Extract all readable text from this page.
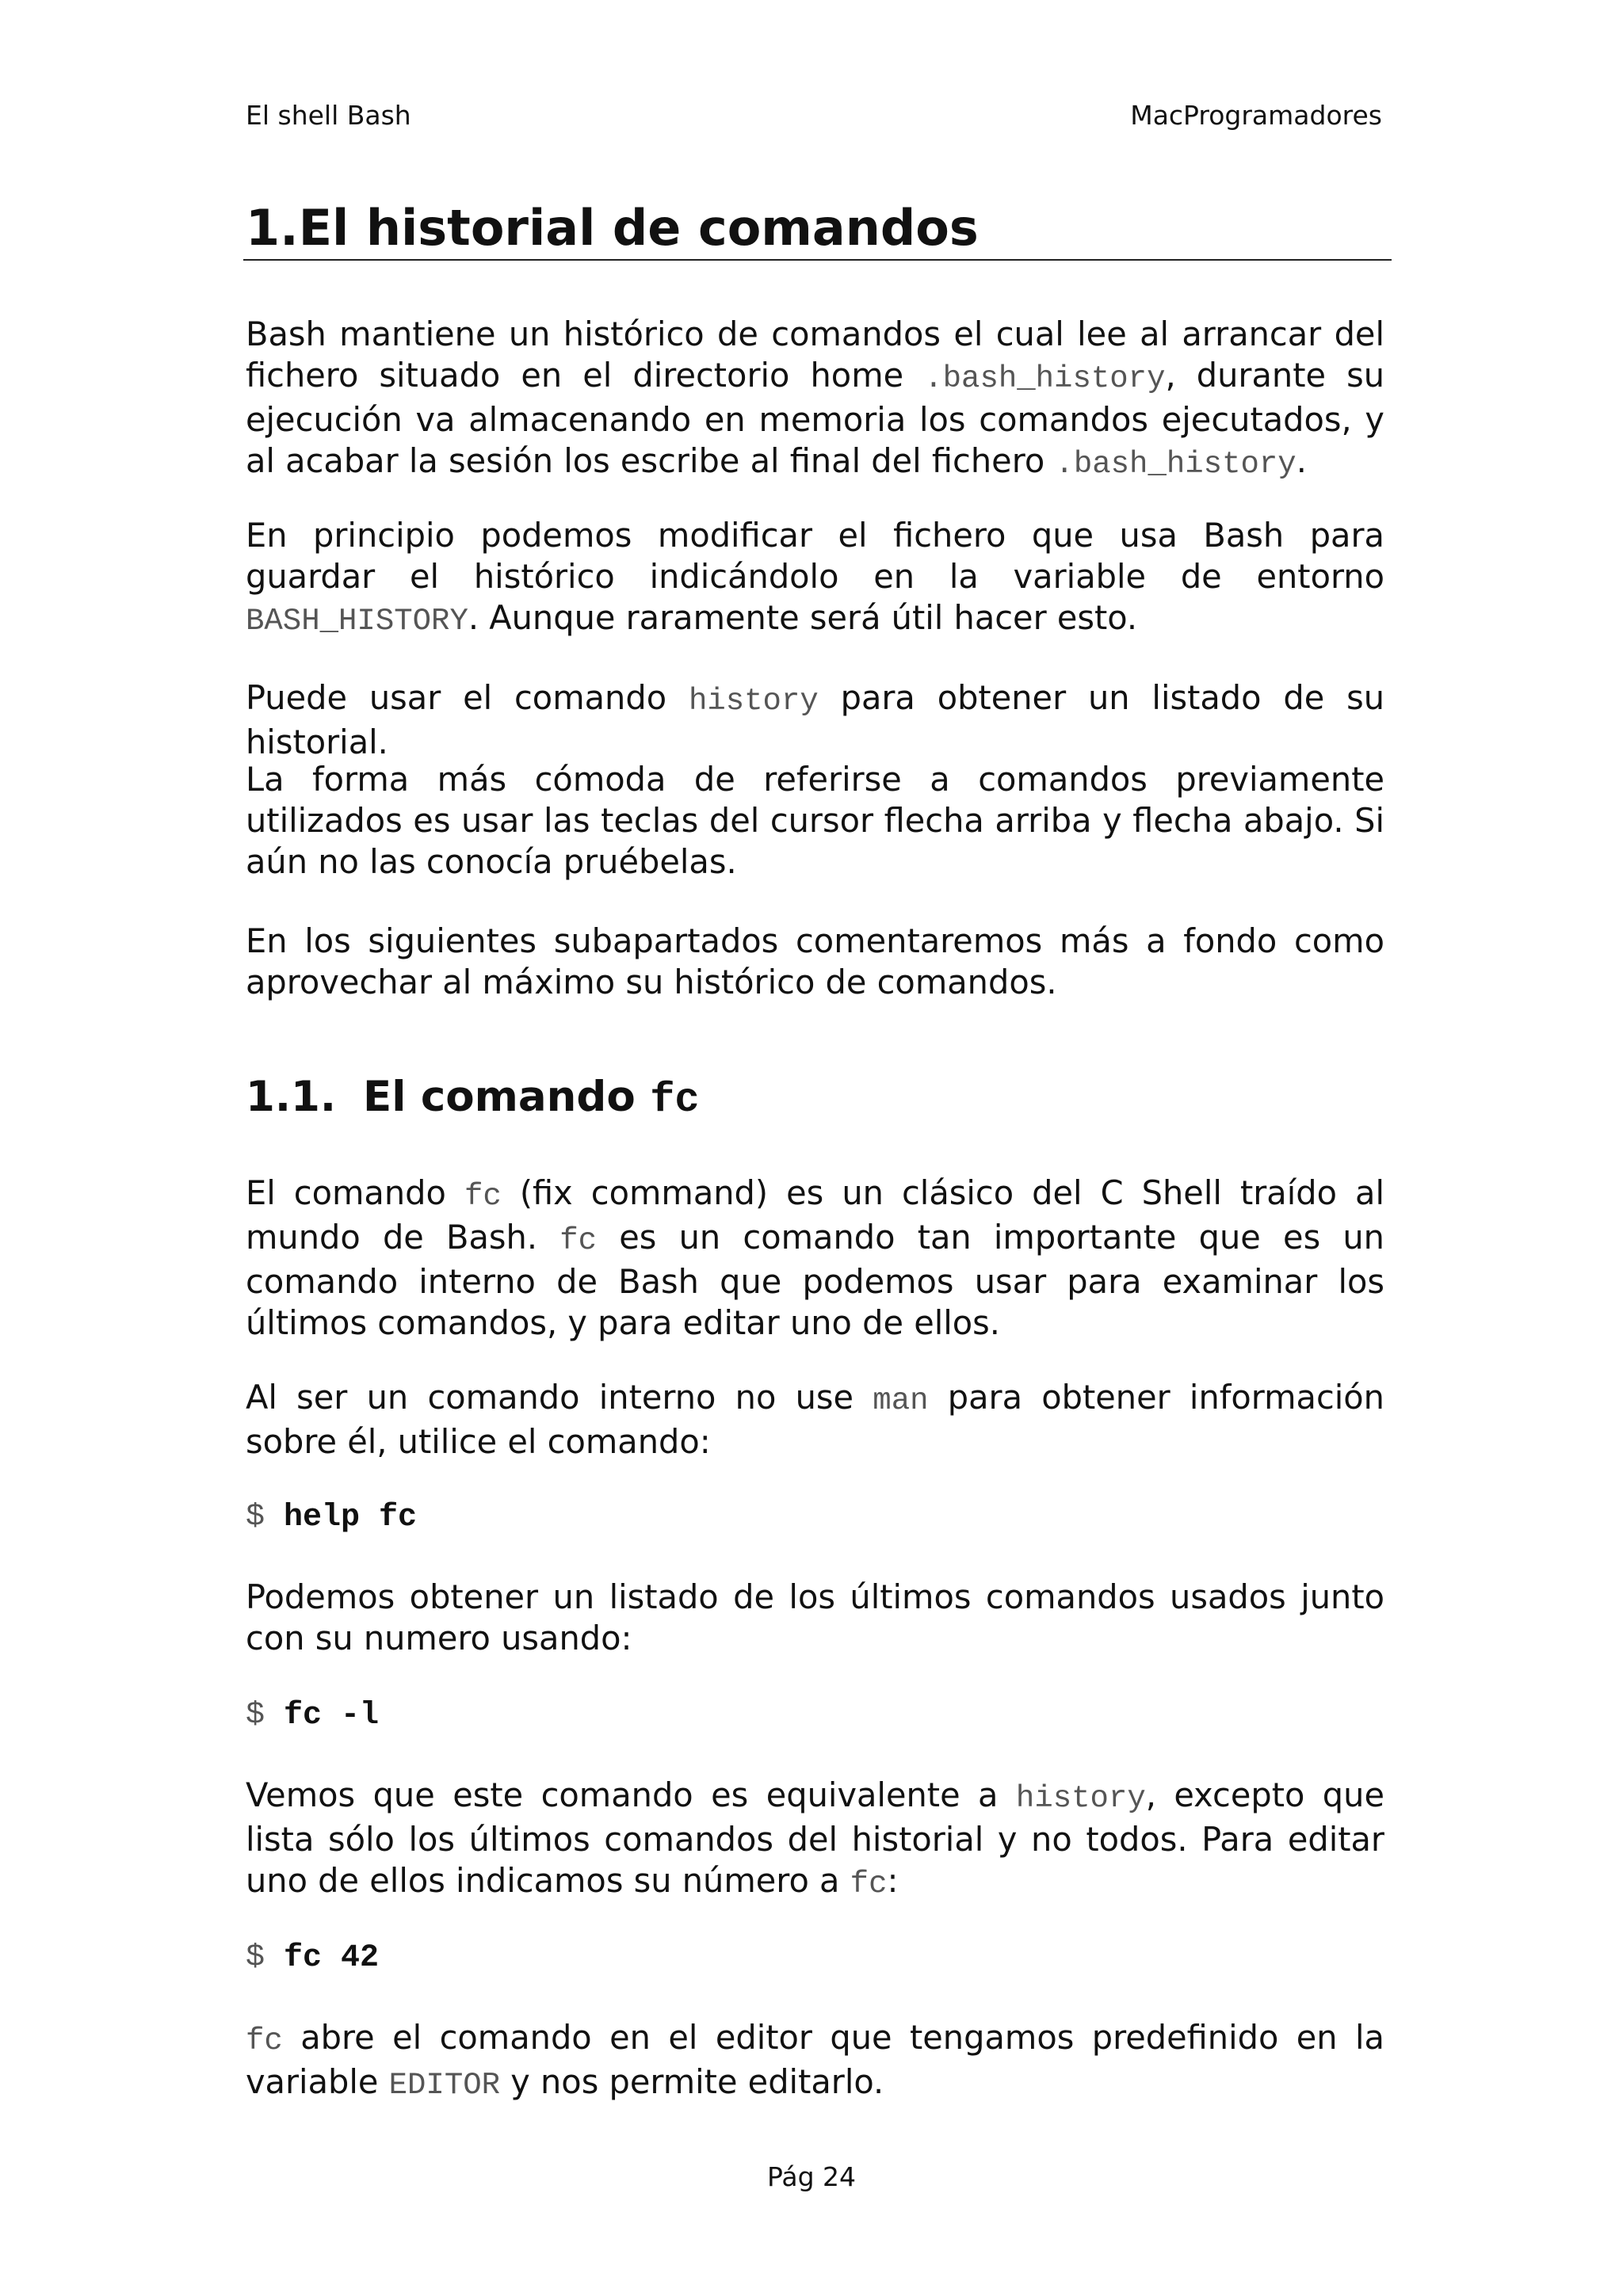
El shell Bash	MacProgramadores
1.El historial de comandos

Bash mantiene un histórico de comandos el cual lee al arrancar del fichero situado en el directorio home .bash_history, durante su ejecución va almacenando en memoria los comandos ejecutados, y al acabar la sesión los escribe al final del fichero .bash_history.

En principio podemos modificar el fichero que usa Bash para guardar el histórico indicándolo en la variable de entorno BASH_HISTORY. Aunque raramente será útil hacer esto.

Puede usar el comando history para obtener un listado de su historial.

La forma más cómoda de referirse a comandos previamente utilizados es usar las teclas del cursor flecha arriba y flecha abajo. Si aún no las conocía pruébelas.

En los siguientes subapartados comentaremos más a fondo como aprovechar al máximo su histórico de comandos.

1.1. El comando fc

El comando fc (fix command) es un clásico del C Shell traído al mundo de Bash. fc es un comando tan importante que es un comando interno de Bash que podemos usar para examinar los últimos comandos, y para editar uno de ellos.

Al ser un comando interno no use man para obtener información sobre él, utilice el comando:

$ help fc

Podemos obtener un listado de los últimos comandos usados junto con su numero usando:

$ fc -l

Vemos que este comando es equivalente a history, excepto que lista sólo los últimos comandos del historial y no todos. Para editar uno de ellos indicamos su número a fc:

$ fc 42

fc abre el comando en el editor que tengamos predefinido en la variable EDITOR y nos permite editarlo.

Pág 24
